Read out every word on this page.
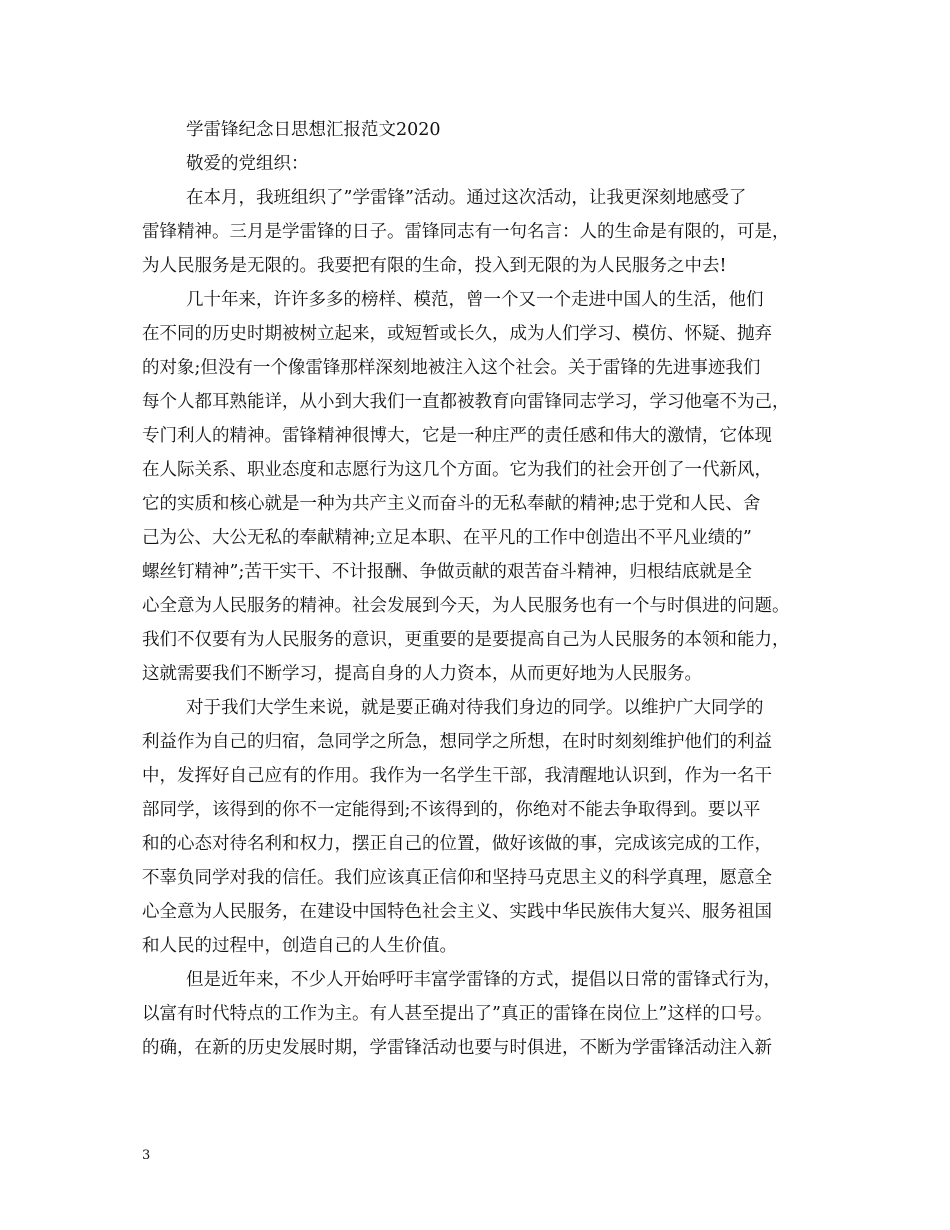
学雷锋纪念日思想汇报范文2020

敬爱的党组织：

在本月，我班组织了”学雷锋”活动。通过这次活动，让我更深刻地感受了

雷锋精神。三月是学雷锋的日子。雷锋同志有一句名言：人的生命是有限的，可是，

为人民服务是无限的。我要把有限的生命，投入到无限的为人民服务之中去!

几十年来，许许多多的榜样、模范，曾一个又一个走进中国人的生活，他们

在不同的历史时期被树立起来，或短暂或长久，成为人们学习、模仿、怀疑、抛弃

的对象;但没有一个像雷锋那样深刻地被注入这个社会。关于雷锋的先进事迹我们

每个人都耳熟能详，从小到大我们一直都被教育向雷锋同志学习，学习他毫不为己，

专门利人的精神。雷锋精神很博大，它是一种庄严的责任感和伟大的激情，它体现

在人际关系、职业态度和志愿行为这几个方面。它为我们的社会开创了一代新风，

它的实质和核心就是一种为共产主义而奋斗的无私奉献的精神;忠于党和人民、舍

己为公、大公无私的奉献精神;立足本职、在平凡的工作中创造出不平凡业绩的”

螺丝钉精神”;苦干实干、不计报酬、争做贡献的艰苦奋斗精神，归根结底就是全

心全意为人民服务的精神。社会发展到今天，为人民服务也有一个与时俱进的问题。

我们不仅要有为人民服务的意识，更重要的是要提高自己为人民服务的本领和能力，

这就需要我们不断学习，提高自身的人力资本，从而更好地为人民服务。

对于我们大学生来说，就是要正确对待我们身边的同学。以维护广大同学的

利益作为自己的归宿，急同学之所急，想同学之所想，在时时刻刻维护他们的利益

中，发挥好自己应有的作用。我作为一名学生干部，我清醒地认识到，作为一名干

部同学，该得到的你不一定能得到;不该得到的，你绝对不能去争取得到。要以平

和的心态对待名利和权力，摆正自己的位置，做好该做的事，完成该完成的工作，

不辜负同学对我的信任。我们应该真正信仰和坚持马克思主义的科学真理，愿意全

心全意为人民服务，在建设中国特色社会主义、实践中华民族伟大复兴、服务祖国

和人民的过程中，创造自己的人生价值。

但是近年来，不少人开始呼吁丰富学雷锋的方式，提倡以日常的雷锋式行为，

以富有时代特点的工作为主。有人甚至提出了”真正的雷锋在岗位上”这样的口号。

的确，在新的历史发展时期，学雷锋活动也要与时俱进，不断为学雷锋活动注入新

3
